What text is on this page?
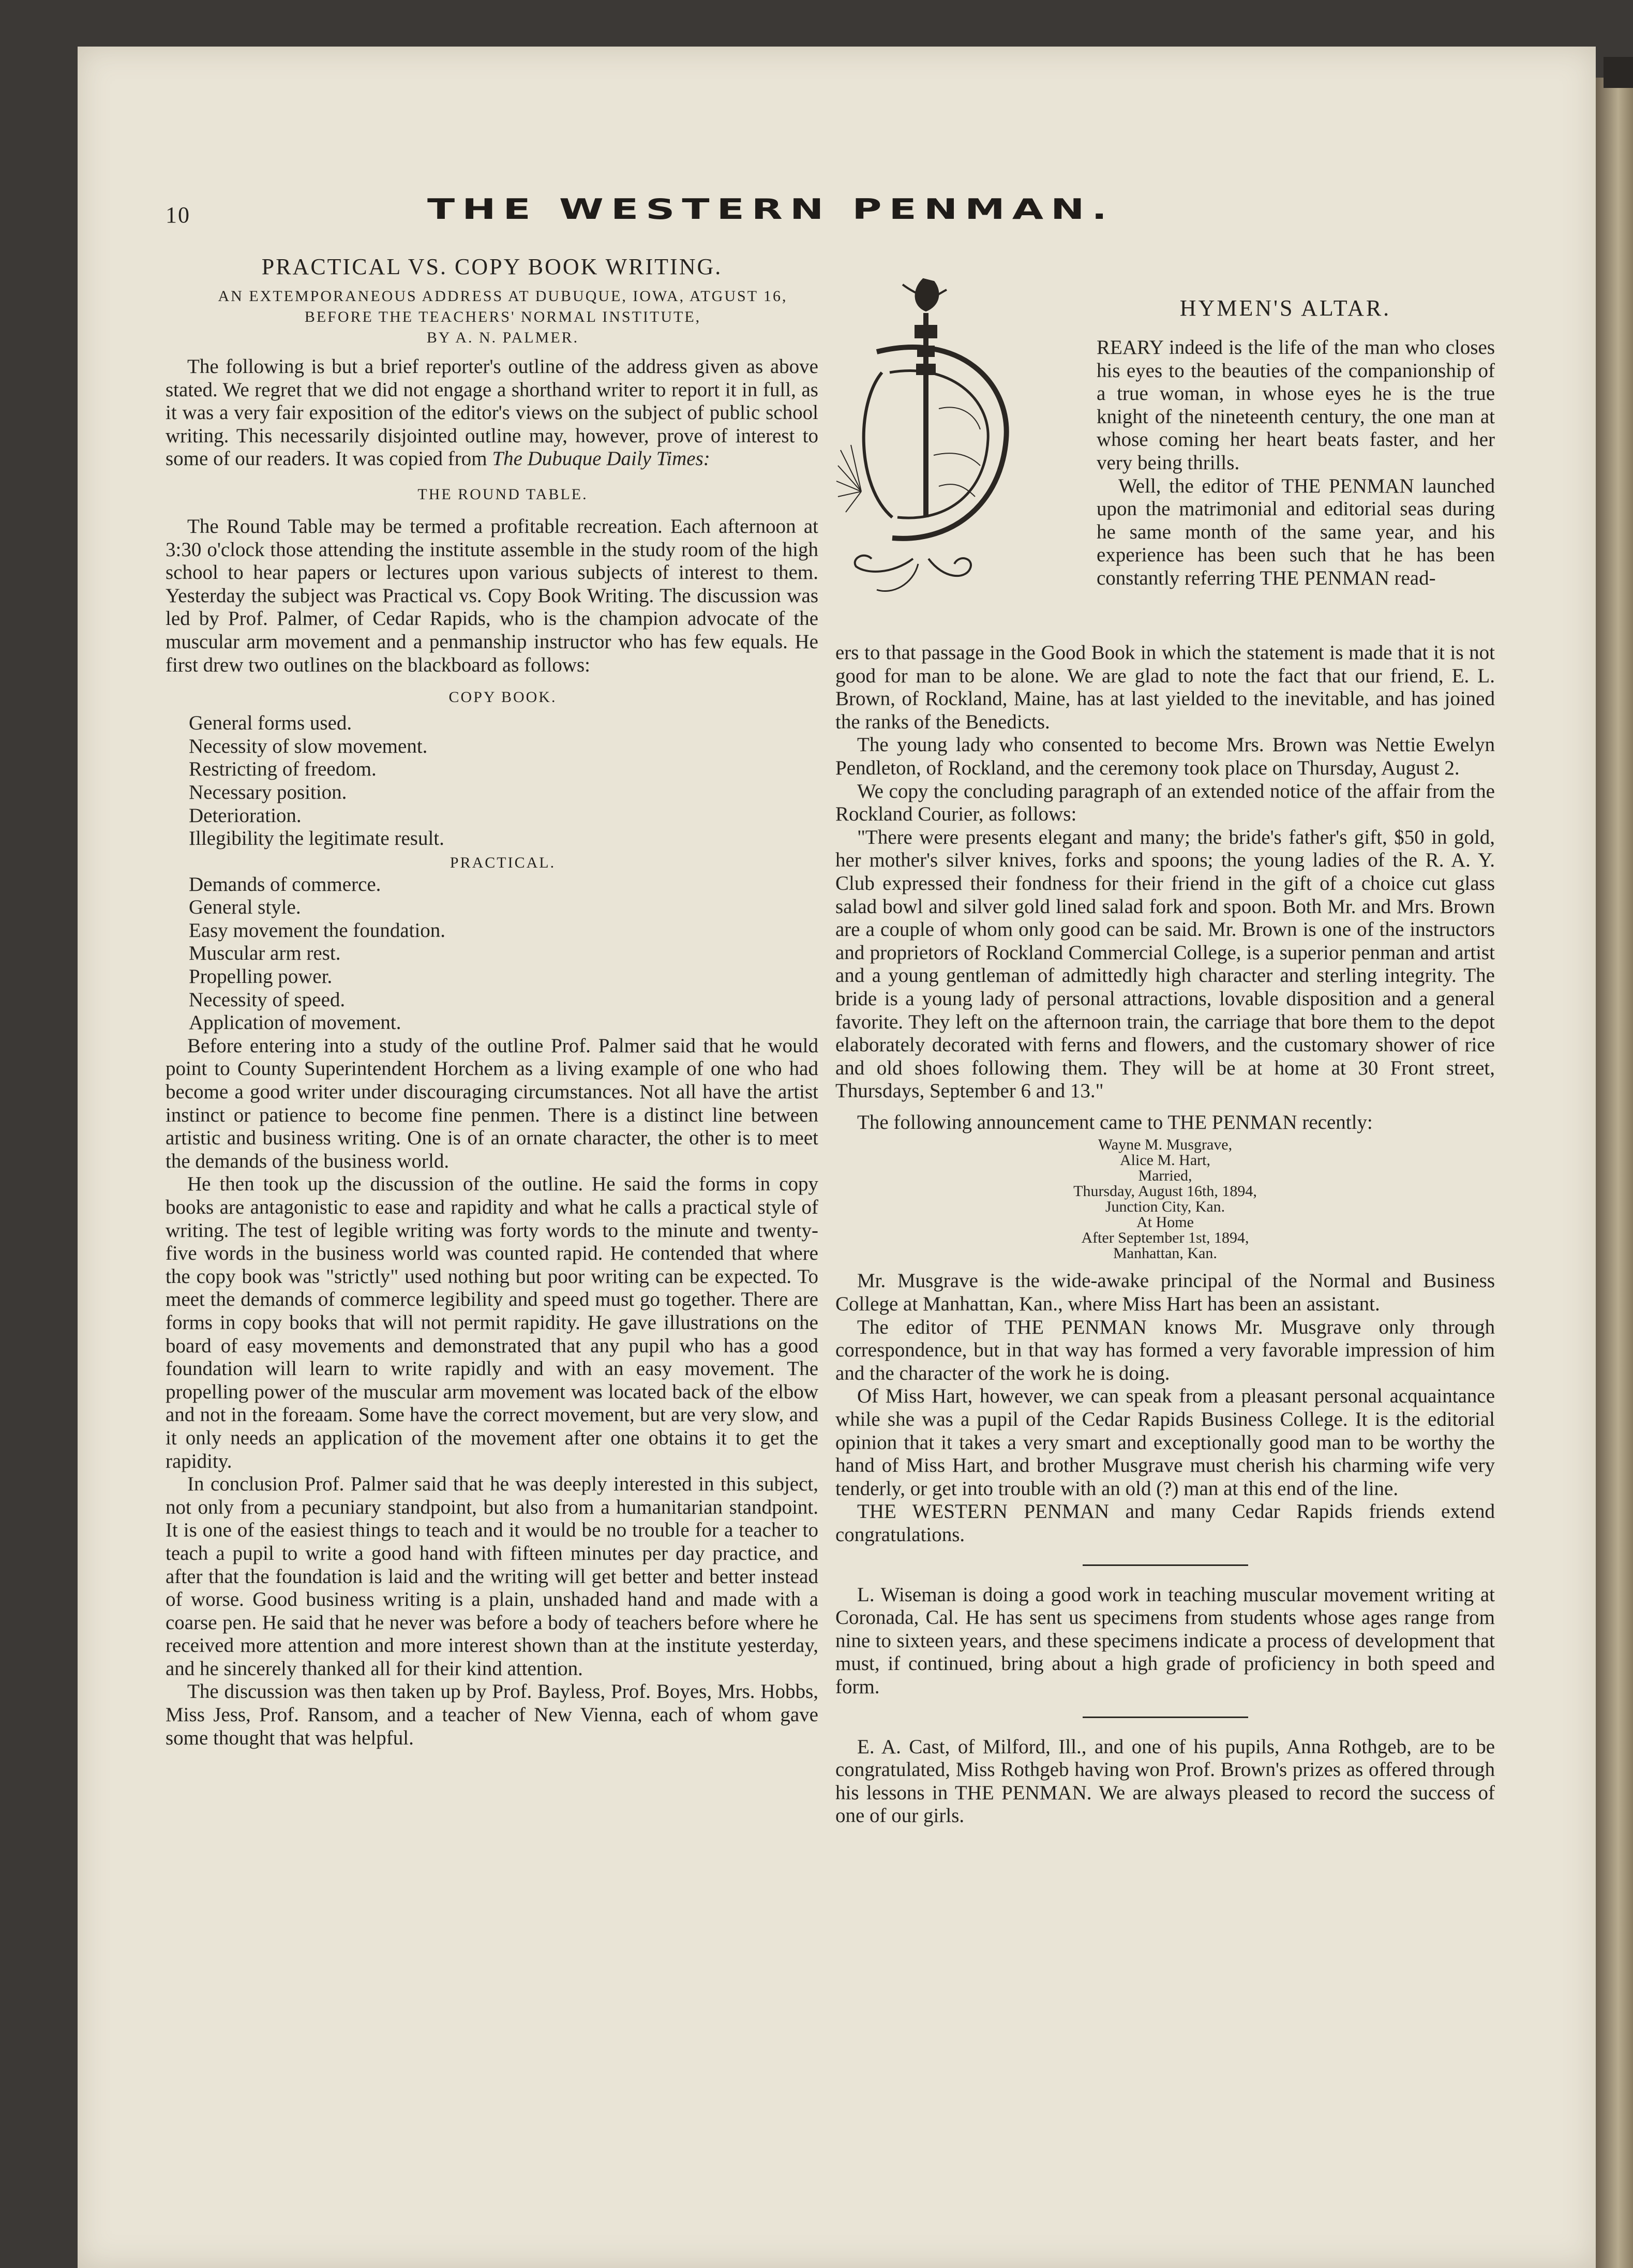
10	THE WESTERN PENMAN.
PRACTICAL VS. COPY BOOK WRITING.

AN EXTEMPORANEOUS ADDRESS AT DUBUQUE, IOWA, ATGUST 16,

BEFORE THE TEACHERS' NORMAL INSTITUTE,

BY A. N. PALMER.

The following is but a brief reporter's outline of the address given as above stated. We regret that we did not engage a shorthand writer to report it in full, as it was a very fair exposition of the editor's views on the subject of public school writing. This necessarily disjointed outline may, however, prove of interest to some of our readers. It was copied from The Dubuque Daily Times:

THE ROUND TABLE.

The Round Table may be termed a profitable recreation. Each afternoon at 3:30 o'clock those attending the institute assemble in the study room of the high school to hear papers or lectures upon various subjects of interest to them. Yesterday the subject was Practical vs. Copy Book Writing. The discussion was led by Prof. Palmer, of Cedar Rapids, who is the champion advocate of the muscular arm movement and a penmanship instructor who has few equals. He first drew two outlines on the blackboard as follows:

COPY BOOK.

General forms used.
Necessity of slow movement.
Restricting of freedom.
Necessary position.
Deterioration.
Illegibility the legitimate result.

PRACTICAL.

Demands of commerce.
General style.
Easy movement the foundation.
Muscular arm rest.
Propelling power.
Necessity of speed.
Application of movement.

Before entering into a study of the outline Prof. Palmer said that he would point to County Superintendent Horchem as a living example of one who had become a good writer under discouraging circumstances. Not all have the artist instinct or patience to become fine penmen. There is a distinct line between artistic and business writing. One is of an ornate character, the other is to meet the demands of the business world.

He then took up the discussion of the outline. He said the forms in copy books are antagonistic to ease and rapidity and what he calls a practical style of writing. The test of legible writing was forty words to the minute and twenty-five words in the business world was counted rapid. He contended that where the copy book was "strictly" used nothing but poor writing can be expected. To meet the demands of commerce legibility and speed must go together. There are forms in copy books that will not permit rapidity. He gave illustrations on the board of easy movements and demonstrated that any pupil who has a good foundation will learn to write rapidly and with an easy movement. The propelling power of the muscular arm movement was located back of the elbow and not in the foreaam. Some have the correct movement, but are very slow, and it only needs an application of the movement after one obtains it to get the rapidity.

In conclusion Prof. Palmer said that he was deeply interested in this subject, not only from a pecuniary standpoint, but also from a humanitarian standpoint. It is one of the easiest things to teach and it would be no trouble for a teacher to teach a pupil to write a good hand with fifteen minutes per day practice, and after that the foundation is laid and the writing will get better and better instead of worse. Good business writing is a plain, unshaded hand and made with a coarse pen. He said that he never was before a body of teachers before where he received more attention and more interest shown than at the institute yesterday, and he sincerely thanked all for their kind attention.

The discussion was then taken up by Prof. Bayless, Prof. Boyes, Mrs. Hobbs, Miss Jess, Prof. Ransom, and a teacher of New Vienna, each of whom gave some thought that was helpful.

HYMEN'S ALTAR.

REARY indeed is the life of the man who closes his eyes to the beauties of the companionship of a true woman, in whose eyes he is the true knight of the nineteenth century, the one man at whose coming her heart beats faster, and her very being thrills.

Well, the editor of THE PENMAN launched upon the matrimonial and editorial seas during he same month of the same year, and his experience has been such that he has been constantly referring THE PENMAN read-

ers to that passage in the Good Book in which the statement is made that it is not good for man to be alone. We are glad to note the fact that our friend, E. L. Brown, of Rockland, Maine, has at last yielded to the inevitable, and has joined the ranks of the Benedicts.

The young lady who consented to become Mrs. Brown was Nettie Ewelyn Pendleton, of Rockland, and the ceremony took place on Thursday, August 2.

We copy the concluding paragraph of an extended notice of the affair from the Rockland Courier, as follows:

"There were presents elegant and many; the bride's father's gift, $50 in gold, her mother's silver knives, forks and spoons; the young ladies of the R. A. Y. Club expressed their fondness for their friend in the gift of a choice cut glass salad bowl and silver gold lined salad fork and spoon. Both Mr. and Mrs. Brown are a couple of whom only good can be said. Mr. Brown is one of the instructors and proprietors of Rockland Commercial College, is a superior penman and artist and a young gentleman of admittedly high character and sterling integrity. The bride is a young lady of personal attractions, lovable disposition and a general favorite. They left on the afternoon train, the carriage that bore them to the depot elaborately decorated with ferns and flowers, and the customary shower of rice and old shoes following them. They will be at home at 30 Front street, Thursdays, September 6 and 13."

The following announcement came to THE PENMAN recently:

Wayne M. Musgrave,
Alice M. Hart,
Married,
Thursday, August 16th, 1894,
Junction City, Kan.
At Home
After September 1st, 1894,
Manhattan, Kan.

Mr. Musgrave is the wide-awake principal of the Normal and Business College at Manhattan, Kan., where Miss Hart has been an assistant.

The editor of THE PENMAN knows Mr. Musgrave only through correspondence, but in that way has formed a very favorable impression of him and the character of the work he is doing.

Of Miss Hart, however, we can speak from a pleasant personal acquaintance while she was a pupil of the Cedar Rapids Business College. It is the editorial opinion that it takes a very smart and exceptionally good man to be worthy the hand of Miss Hart, and brother Musgrave must cherish his charming wife very tenderly, or get into trouble with an old (?) man at this end of the line.

THE WESTERN PENMAN and many Cedar Rapids friends extend congratulations.

L. Wiseman is doing a good work in teaching muscular movement writing at Coronada, Cal. He has sent us specimens from students whose ages range from nine to sixteen years, and these specimens indicate a process of development that must, if continued, bring about a high grade of proficiency in both speed and form.

E. A. Cast, of Milford, Ill., and one of his pupils, Anna Rothgeb, are to be congratulated, Miss Rothgeb having won Prof. Brown's prizes as offered through his lessons in THE PENMAN. We are always pleased to record the success of one of our girls.
